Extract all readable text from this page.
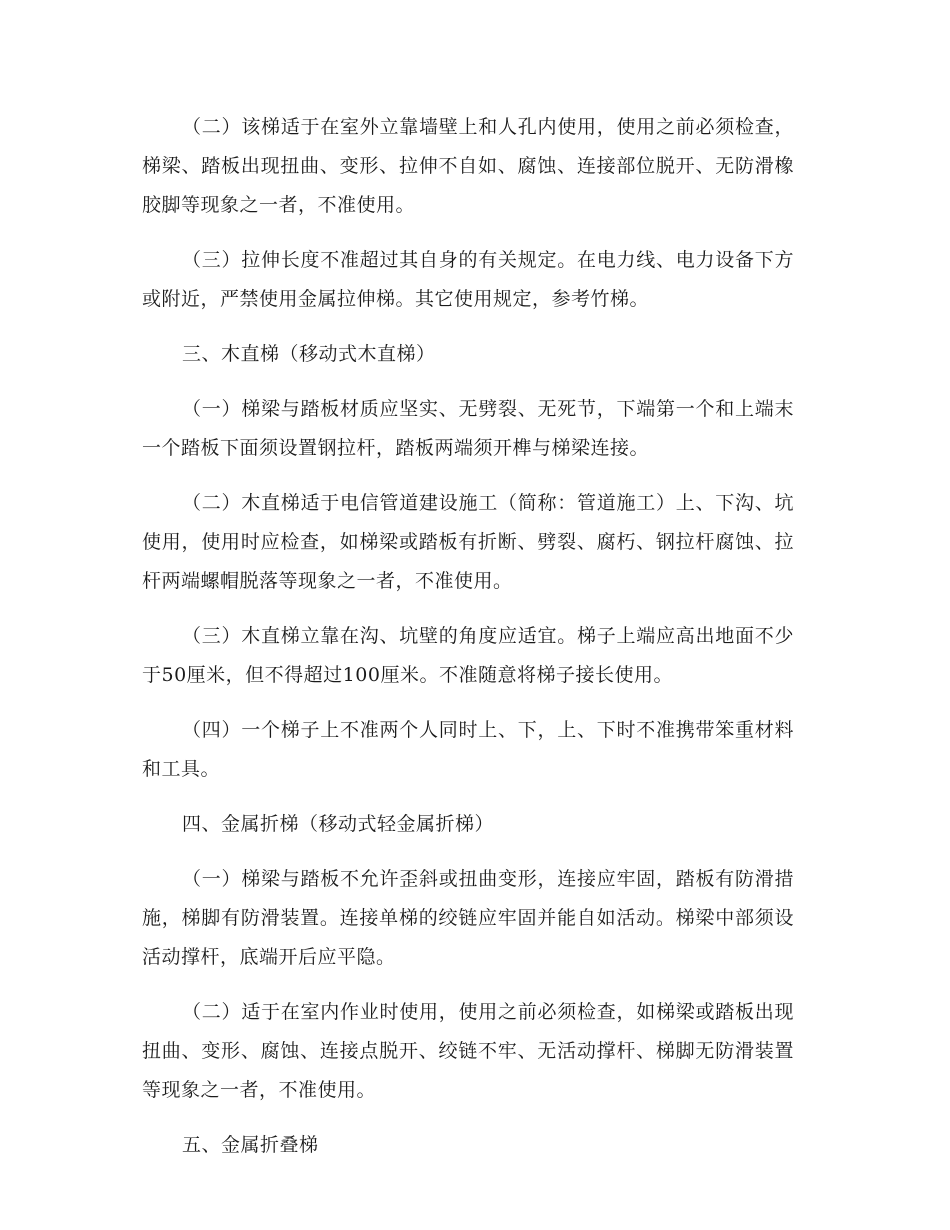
（二）该梯适于在室外立靠墙壁上和人孔内使用，使用之前必须检查，梯梁、踏板出现扭曲、变形、拉伸不自如、腐蚀、连接部位脱开、无防滑橡胶脚等现象之一者，不准使用。

（三）拉伸长度不准超过其自身的有关规定。在电力线、电力设备下方或附近，严禁使用金属拉伸梯。其它使用规定，参考竹梯。

三、木直梯（移动式木直梯）

（一）梯梁与踏板材质应坚实、无劈裂、无死节，下端第一个和上端末一个踏板下面须设置钢拉杆，踏板两端须开榫与梯梁连接。

（二）木直梯适于电信管道建设施工（简称：管道施工）上、下沟、坑使用，使用时应检查，如梯梁或踏板有折断、劈裂、腐朽、钢拉杆腐蚀、拉杆两端螺帽脱落等现象之一者，不准使用。

（三）木直梯立靠在沟、坑壁的角度应适宜。梯子上端应高出地面不少于50厘米，但不得超过100厘米。不准随意将梯子接长使用。

（四）一个梯子上不准两个人同时上、下，上、下时不准携带笨重材料和工具。

四、金属折梯（移动式轻金属折梯）

（一）梯梁与踏板不允许歪斜或扭曲变形，连接应牢固，踏板有防滑措施，梯脚有防滑装置。连接单梯的绞链应牢固并能自如活动。梯梁中部须设活动撑杆，底端开后应平隐。

（二）适于在室内作业时使用，使用之前必须检查，如梯梁或踏板出现扭曲、变形、腐蚀、连接点脱开、绞链不牢、无活动撑杆、梯脚无防滑装置等现象之一者，不准使用。

五、金属折叠梯
